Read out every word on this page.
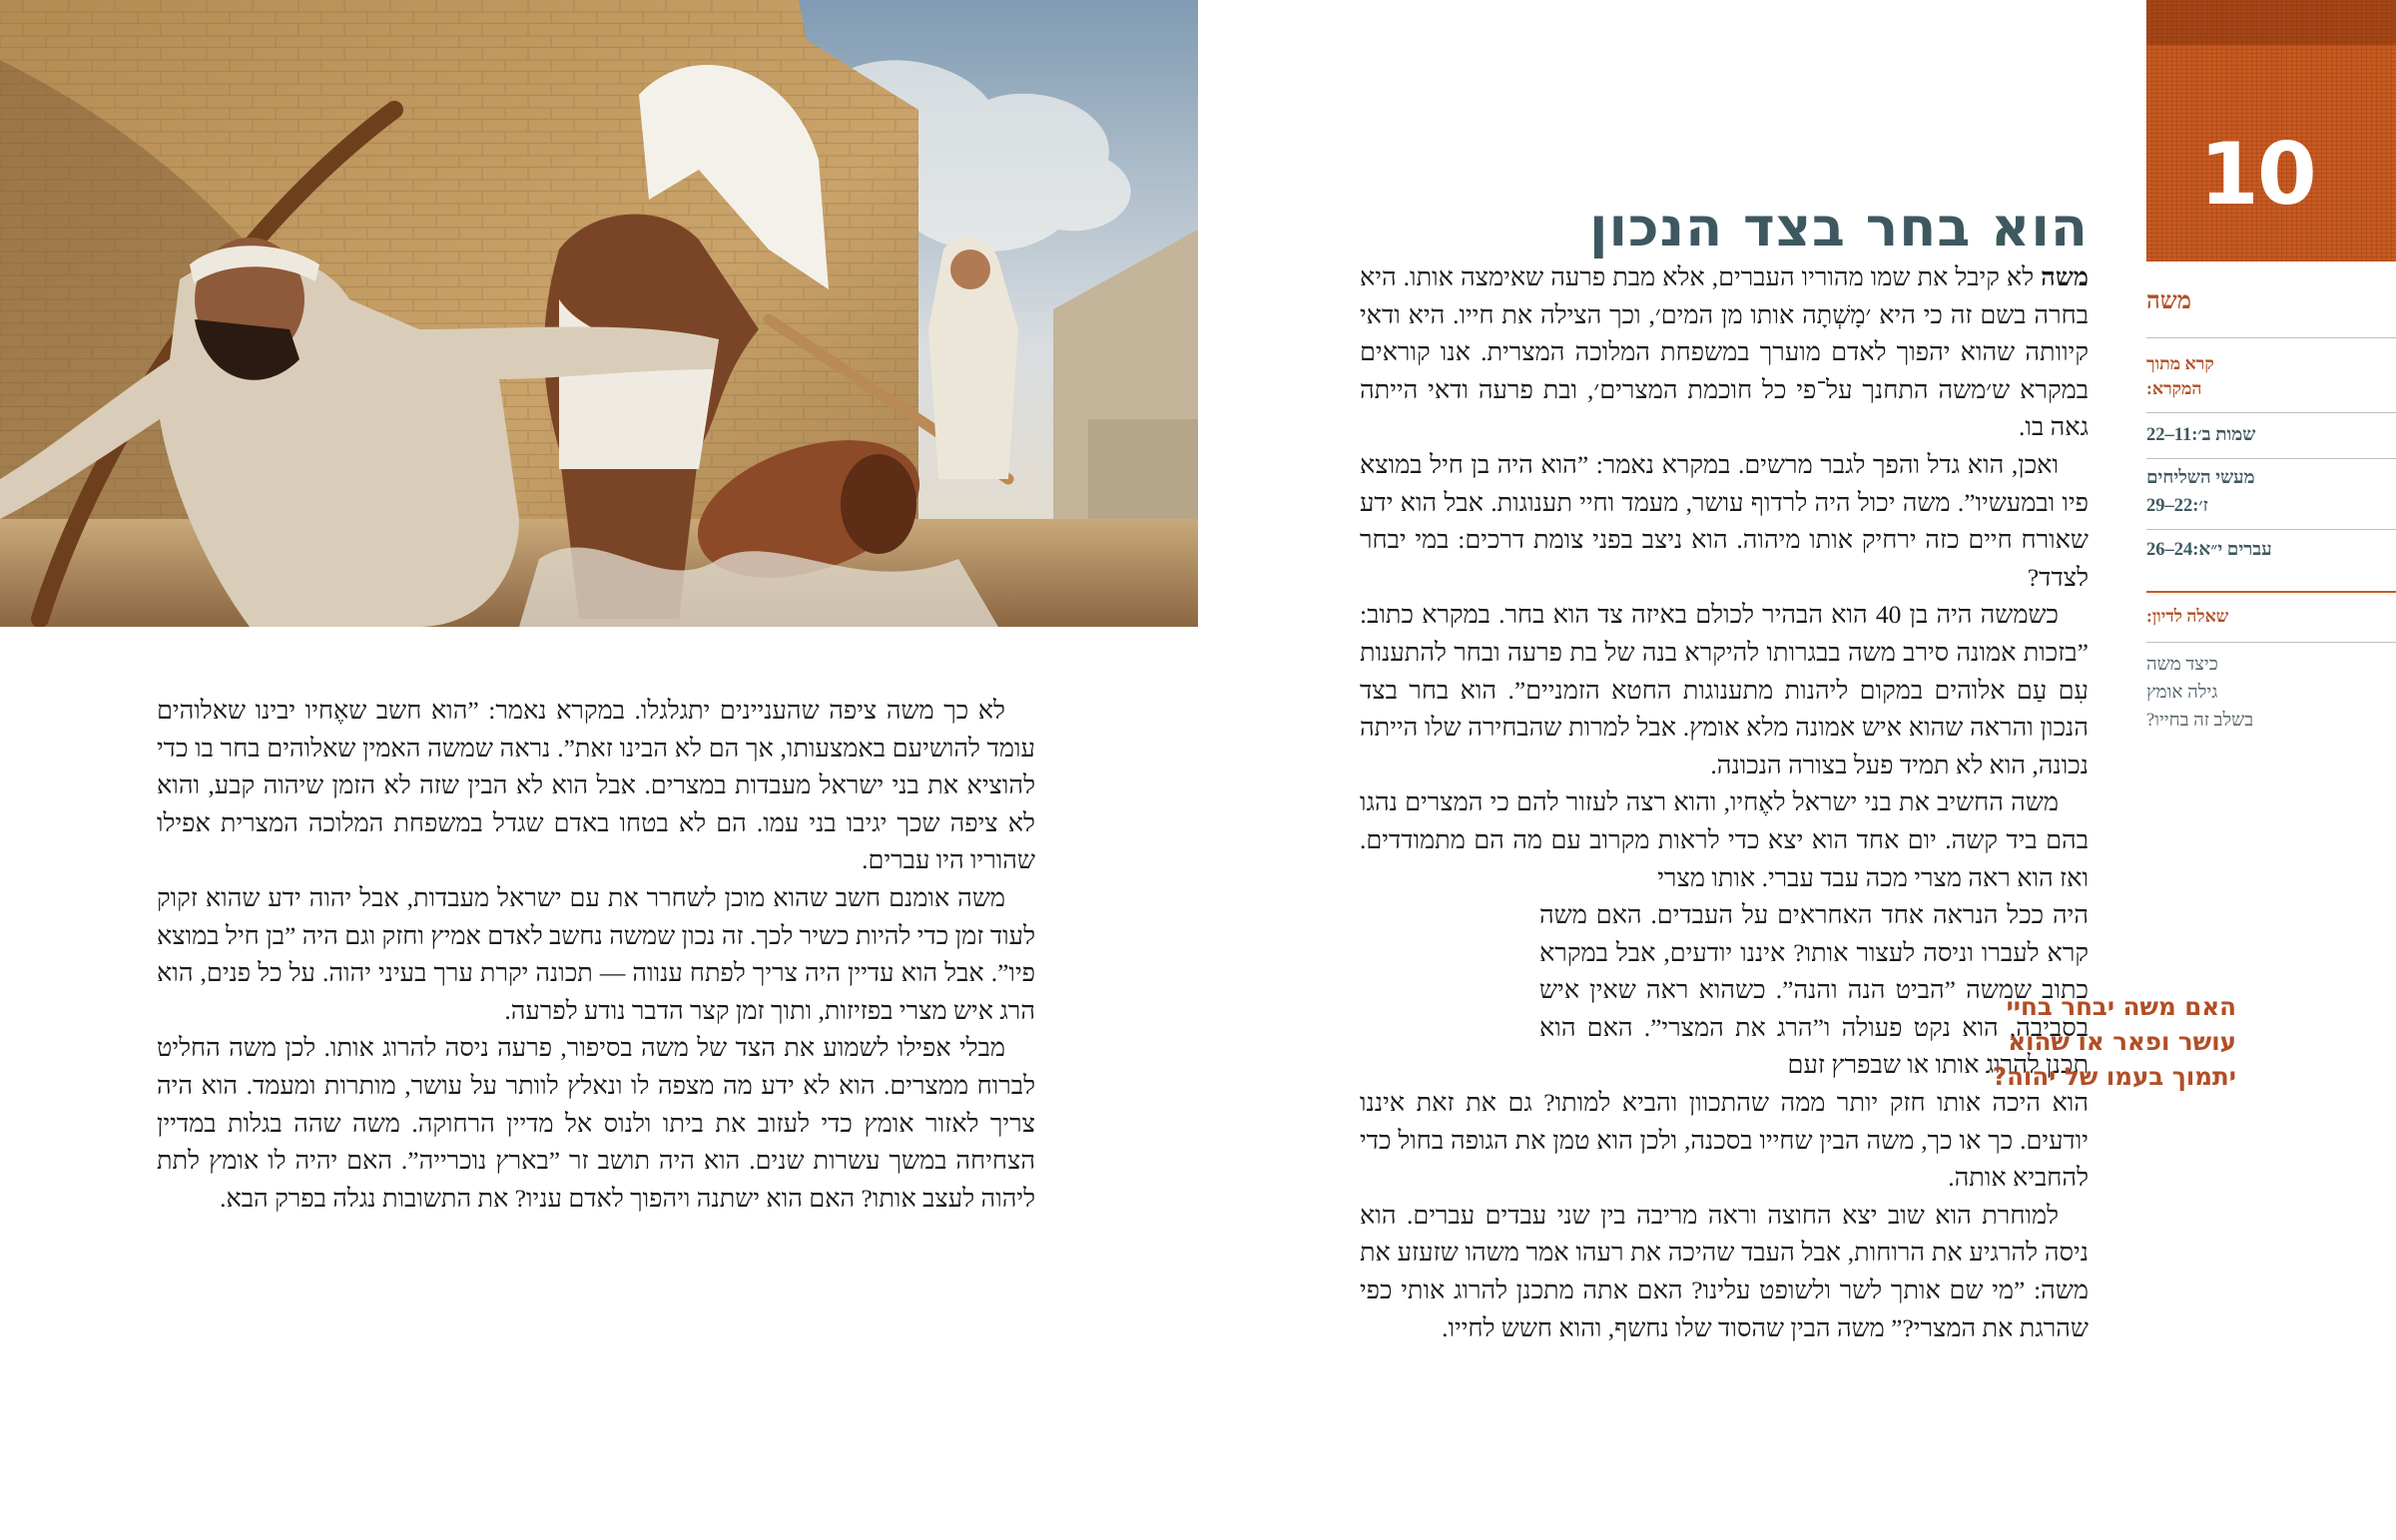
לא כך משה ציפה שהעניינים יתגלגלו. במקרא נאמר: ”הוא חשב שאֶחיו יבינו שאלוהים עומד להושיעם באמצעותו, אך הם לא הבינו זאת”. נראה שמשה האמין שאלוהים בחר בו כדי להוציא את בני ישראל מעבדות במצרים. אבל הוא לא הבין שזה לא הזמן שיהוה קבע, והוא לא ציפה שכך יגיבו בני עמו. הם לא בטחו באדם שגדל במשפחת המלוכה המצרית אפילו שהוריו היו עברים.

משה אומנם חשב שהוא מוכן לשחרר את עם ישראל מעבדות, אבל יהוה ידע שהוא זקוק לעוד זמן כדי להיות כשיר לכך. זה נכון שמשה נחשב לאדם אמיץ וחזק וגם היה ”בן חיל במוצא פיו”. אבל הוא עדיין היה צריך לפתח ענווה — תכונה יקרת ערך בעיני יהוה. על כל פנים, הוא הרג איש מצרי בפזיזות, ותוך זמן קצר הדבר נודע לפרעה.

מבלי אפילו לשמוע את הצד של משה בסיפור, פרעה ניסה להרוג אותו. לכן משה החליט לברוח ממצרים. הוא לא ידע מה מצפה לו ונאלץ לוותר על עושר, מותרות ומעמד. הוא היה צריך לאזור אומץ כדי לעזוב את ביתו ולנוס אל מדיין הרחוקה. משה שהה בגלות במדיין הצחיחה במשך עשרות שנים. הוא היה תושב זר ”בארץ נוכרייה”. האם יהיה לו אומץ לתת ליהוה לעצב אותו? האם הוא ישתנה ויהפוך לאדם עניו? את התשובות נגלה בפרק הבא.

הוא בחר בצד הנכון

משה לא קיבל את שמו מהוריו העברים, אלא מבת פרעה שאימצה אותו. היא בחרה בשם זה כי היא ׳מָשְׁתָה אותו מן המים׳, וכך הצילה את חייו. היא ודאי קיוותה שהוא יהפוך לאדם מוערך במשפחת המלוכה המצרית. אנו קוראים במקרא ש׳משה התחנך על־פי כל חוכמת המצרים׳, ובת פרעה ודאי הייתה גאה בו.

ואכן, הוא גדל והפך לגבר מרשים. במקרא נאמר: ”הוא היה בן חיל במוצא פיו ובמעשיו”. משה יכול היה לרדוף עושר, מעמד וחיי תענוגות. אבל הוא ידע שאורח חיים כזה ירחיק אותו מיהוה. הוא ניצב בפני צומת דרכים: במי יבחר לצדד?

כשמשה היה בן 40 הוא הבהיר לכולם באיזה צד הוא בחר. במקרא כתוב: ”בזכות אמונה סירב משה בבגרותו להיקרא בנה של בת פרעה ובחר להתענות עִם עַם אלוהים במקום ליהנות מתענוגות החטא הזמניים”. הוא בחר בצד הנכון והראה שהוא איש אמונה מלא אומץ. אבל למרות שהבחירה שלו הייתה נכונה, הוא לא תמיד פעל בצורה הנכונה.

משה החשיב את בני ישראל לאֶחיו, והוא רצה לעזור להם כי המצרים נהגו בהם ביד קשה. יום אחד הוא יצא כדי לראות מקרוב עם מה הם מתמודדים. ואז הוא ראה מצרי מכה עבד עברי. אותו מצרי

היה ככל הנראה אחד האחראים על העבדים. האם משה קרא לעברו וניסה לעצור אותו? איננו יודעים, אבל במקרא כתוב שמשה ”הביט הנה והנה”. כשהוא ראה שאין איש בסביבה, הוא נקט פעולה ו”הרג את המצרי”. האם הוא תכנן להרוג אותו או שבפרץ זעם

הוא היכה אותו חזק יותר ממה שהתכוון והביא למותו? גם את זאת איננו יודעים. כך או כך, משה הבין שחייו בסכנה, ולכן הוא טמן את הגופה בחול כדי להחביא אותה.

למוחרת הוא שוב יצא החוצה וראה מריבה בין שני עבדים עברים. הוא ניסה להרגיע את הרוחות, אבל העבד שהיכה את רעהו אמר משהו שזעזע את משה: ”מי שם אותך לשר ולשופט עלינו? האם אתה מתכנן להרוג אותי כפי שהרגת את המצרי?” משה הבין שהסוד שלו נחשף, והוא חשש לחייו.

האם משה יבחר בחיי
עושר ופאר או שהוא
יתמוך בעמו של יהוה?
10
משה
קרא מתוך
המקרא:
שמות ב׳:11–22
מעשי השליחים
ז׳:22–29
עברים י״א:24–26
שאלה לדיון:
כיצד משה
גילה אומץ
בשלב זה בחייו?
